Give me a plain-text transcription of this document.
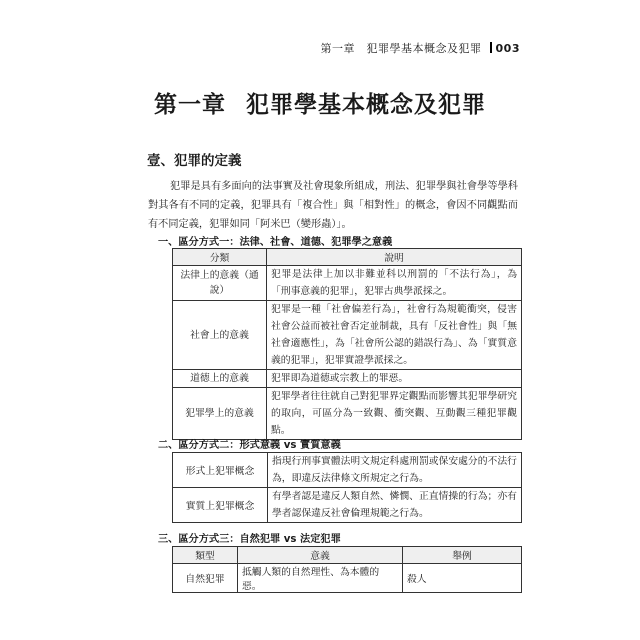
第一章　犯罪學基本概念及犯罪 003
第一章 犯罪學基本概念及犯罪
壹、犯罪的定義
犯罪是具有多面向的法事實及社會現象所組成，刑法、犯罪學與社會學等學科對其各有不同的定義，犯罪具有「複合性」與「相對性」的概念，會因不同觀點而有不同定義，犯罪如同「阿米巴（變形蟲）」。
一、區分方式一：法律、社會、道德、犯罪學之意義
分類	說明
法律上的意義（通說）	犯罪是法律上加以非難並科以刑罰的「不法行為」，為「刑事意義的犯罪」，犯罪古典學派採之。
社會上的意義	犯罪是一種「社會偏差行為」，社會行為規範衝突，侵害社會公益而被社會否定並制裁，具有「反社會性」與「無社會適應性」，為「社會所公認的錯誤行為」、為「實質意義的犯罪」，犯罪實證學派採之。
道德上的意義	犯罪即為道德或宗教上的罪惡。
犯罪學上的意義	犯罪學者往往就自己對犯罪界定觀點而影響其犯罪學研究的取向，可區分為一致觀、衝突觀、互動觀三種犯罪觀點。
二、區分方式二：形式意義 vs 實質意義
形式上犯罪概念	指現行刑事實體法明文規定科處刑罰或保安處分的不法行為，即違反法律條文所規定之行為。
實質上犯罪概念	有學者認是違反人類自然、憐憫、正直情操的行為；亦有學者認保違反社會倫理規範之行為。
三、區分方式三：自然犯罪 vs 法定犯罪
類型	意義	舉例
自然犯罪	抵觸人類的自然理性、為本體的惡。	殺人
